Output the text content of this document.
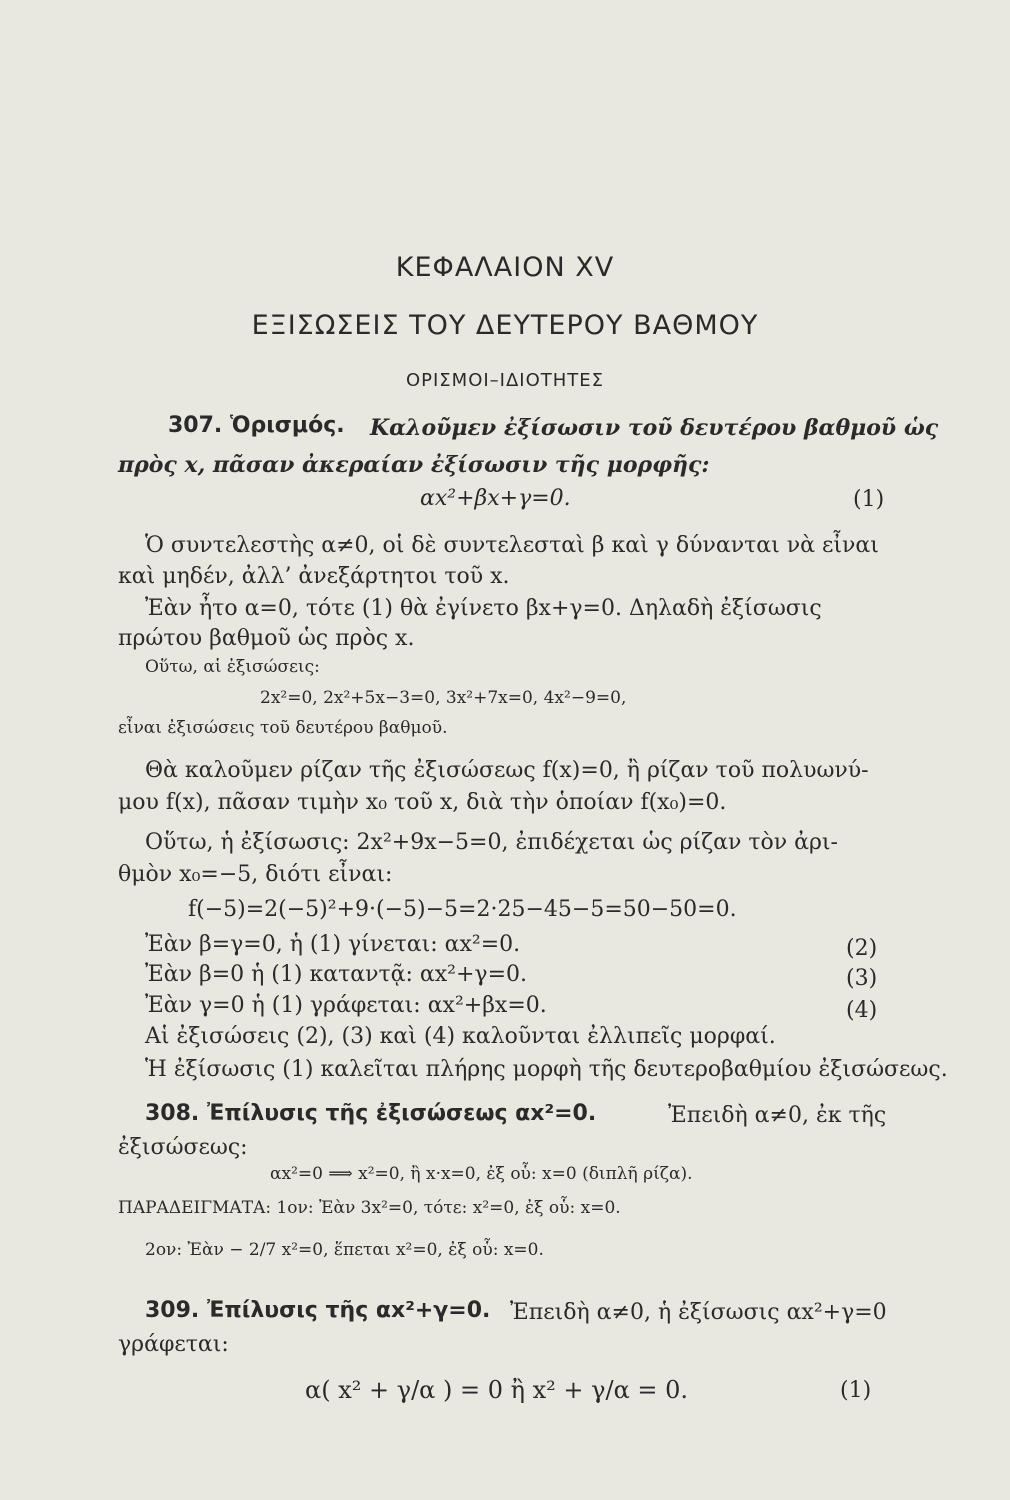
ΚΕΦΑΛΑΙΟΝ XV
ΕΞΙΣΩΣΕΙΣ ΤΟΥ ΔΕΥΤΕΡΟΥ ΒΑΘΜΟΥ
ΟΡΙΣΜΟΙ–ΙΔΙΟΤΗΤΕΣ
307. Ὁρισμός. Καλοῦμεν ἐξίσωσιν τοῦ δευτέρου βαθμοῦ ὡς
πρὸς x, πᾶσαν ἀκεραίαν ἐξίσωσιν τῆς μορφῆς:
αx²+βx+γ=0.	(1)
Ὁ συντελεστὴς α≠0, οἱ δὲ συντελεσταὶ β καὶ γ δύνανται νὰ εἶναι
καὶ μηδέν, ἀλλ’ ἀνεξάρτητοι τοῦ x.
Ἐὰν ἦτο α=0, τότε (1) θὰ ἐγίνετο βx+γ=0. Δηλαδὴ ἐξίσωσις
πρώτου βαθμοῦ ὡς πρὸς x.
Οὕτω, αἱ ἐξισώσεις:
2x²=0, 2x²+5x−3=0, 3x²+7x=0, 4x²−9=0,
εἶναι ἐξισώσεις τοῦ δευτέρου βαθμοῦ.
Θὰ καλοῦμεν ρίζαν τῆς ἐξισώσεως f(x)=0, ἢ ρίζαν τοῦ πολυωνύ-
μου f(x), πᾶσαν τιμὴν x₀ τοῦ x, διὰ τὴν ὁποίαν f(x₀)=0.
Οὕτω, ἡ ἐξίσωσις: 2x²+9x−5=0, ἐπιδέχεται ὡς ρίζαν τὸν ἀρι-
θμὸν x₀=−5, διότι εἶναι:
f(−5)=2(−5)²+9·(−5)−5=2·25−45−5=50−50=0.
Ἐὰν β=γ=0, ἡ (1) γίνεται: αx²=0.	(2)
Ἐὰν β=0 ἡ (1) καταντᾷ: αx²+γ=0.	(3)
Ἐὰν γ=0 ἡ (1) γράφεται: αx²+βx=0.	(4)
Αἱ ἐξισώσεις (2), (3) καὶ (4) καλοῦνται ἐλλιπεῖς μορφαί.
Ἡ ἐξίσωσις (1) καλεῖται πλήρης μορφὴ τῆς δευτεροβαθμίου ἐξισώσεως.
308. Ἐπίλυσις τῆς ἐξισώσεως αx²=0.	Ἐπειδὴ α≠0, ἐκ τῆς
ἐξισώσεως:
αx²=0 ⟹ x²=0, ἢ x·x=0, ἐξ οὗ: x=0 (διπλῆ ρίζα).
ΠΑΡΑΔΕΙΓΜΑΤΑ: 1ον: Ἐὰν 3x²=0, τότε: x²=0, ἐξ οὗ: x=0.
2ον: Ἐὰν − 2/7 x²=0, ἕπεται x²=0, ἐξ οὗ: x=0.
309. Ἐπίλυσις τῆς αx²+γ=0. Ἐπειδὴ α≠0, ἡ ἐξίσωσις αx²+γ=0
γράφεται:
α( x² + γ/α ) = 0 ἢ x² + γ/α = 0.	(1)
